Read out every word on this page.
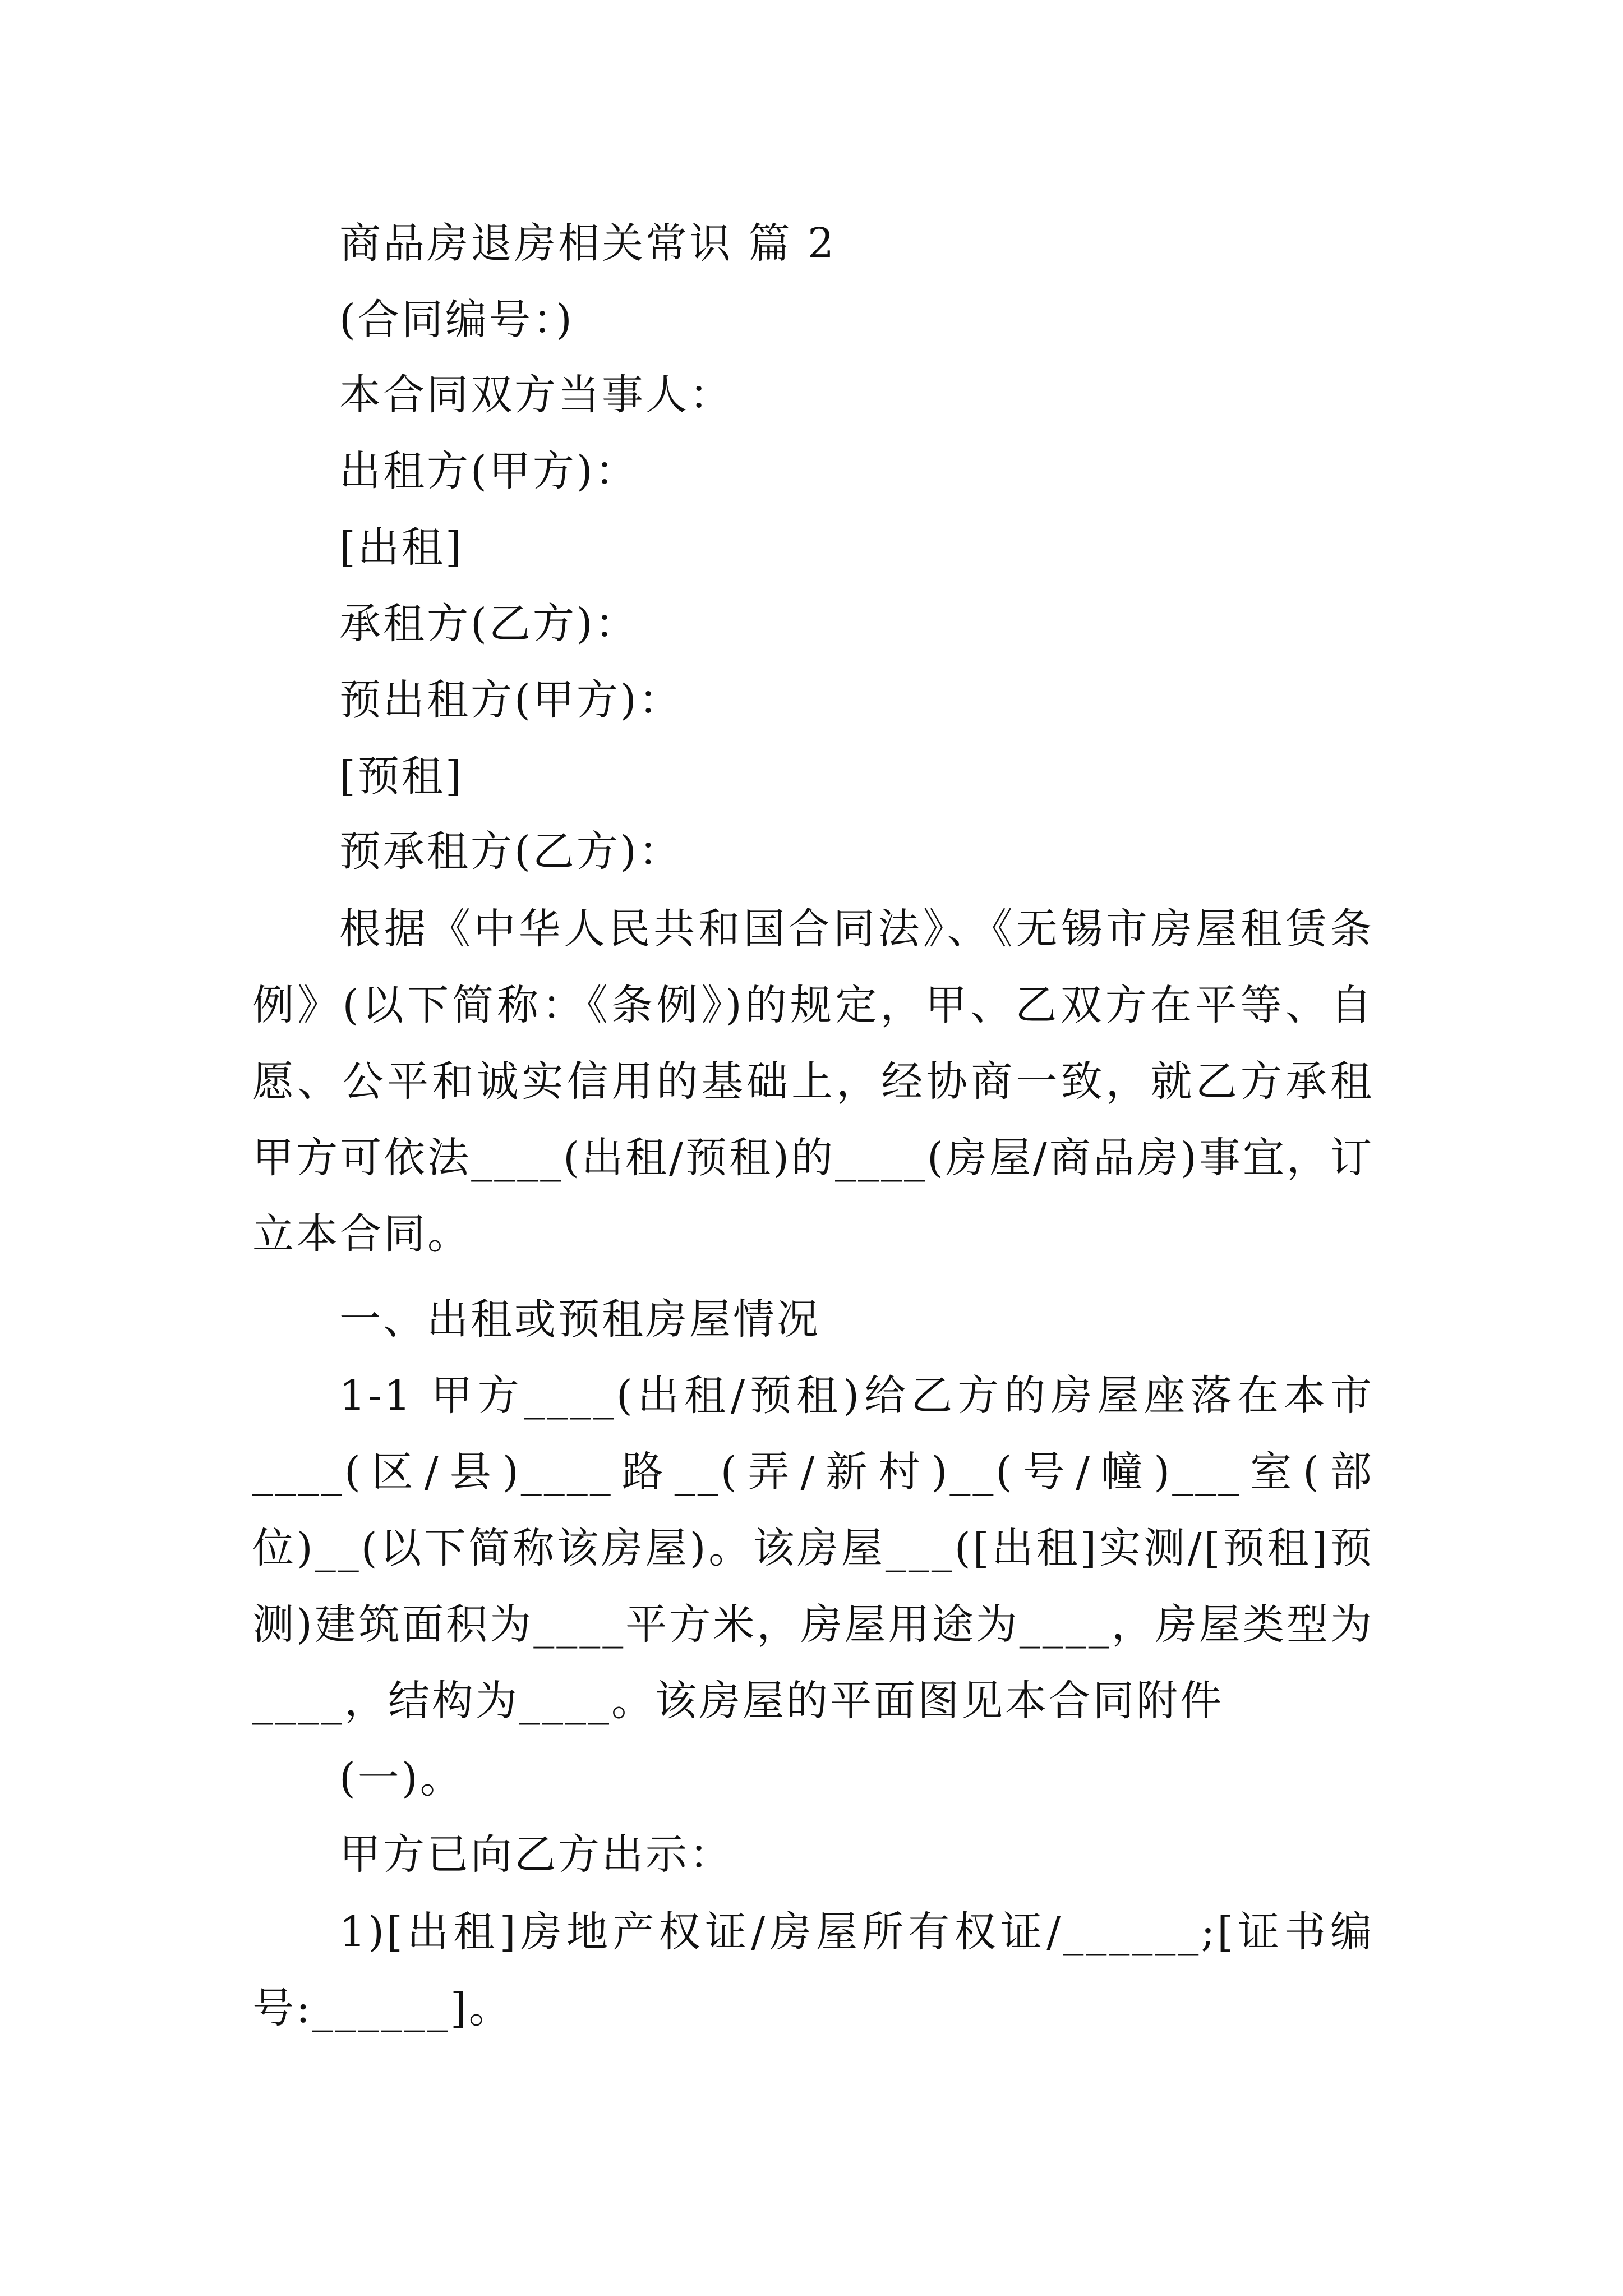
商品房退房相关常识 篇 2
(合同编号：)
本合同双方当事人：
出租方(甲方)：
[出租]
承租方(乙方)：
预出租方(甲方)：
[预租]
预承租方(乙方)：
根据《中华人民共和国合同法》、《无锡市房屋租赁条例》(以下简称：《条例》)的规定，甲、乙双方在平等、自愿、公平和诚实信用的基础上，经协商一致，就乙方承租甲方可依法____(出租/预租)的____(房屋/商品房)事宜，订立本合同。
一、出租或预租房屋情况
1-1 甲方____(出租/预租)给乙方的房屋座落在本市____(区/县)____路__(弄/新村)__(号/幢)___室(部位)__(以下简称该房屋)。该房屋___([出租]实测/[预租]预测)建筑面积为____平方米，房屋用途为____，房屋类型为____，结构为____。该房屋的平面图见本合同附件
(一)。
甲方已向乙方出示：
1)[出租]房地产权证/房屋所有权证/______;[证书编号:______]。
